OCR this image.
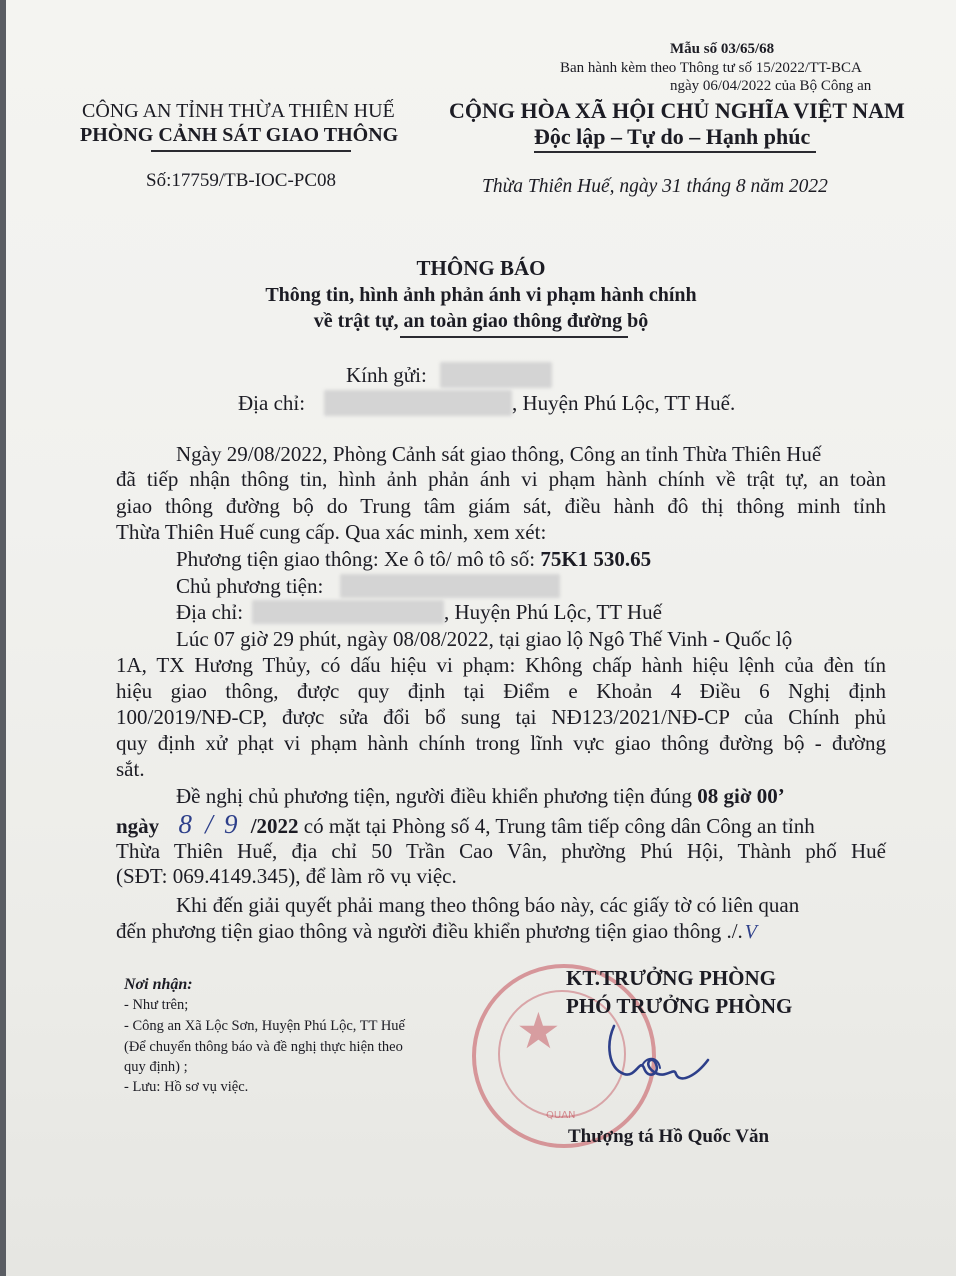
Mẫu số 03/65/68
Ban hành kèm theo Thông tư số 15/2022/TT-BCA
ngày 06/04/2022 của Bộ Công an
CÔNG AN TỈNH THỪA THIÊN HUẾ
PHÒNG CẢNH SÁT GIAO THÔNG
Số:17759/TB-IOC-PC08
CỘNG HÒA XÃ HỘI CHỦ NGHĨA VIỆT NAM
Độc lập – Tự do – Hạnh phúc
Thừa Thiên Huế, ngày 31 tháng 8 năm 2022
THÔNG BÁO
Thông tin, hình ảnh phản ánh vi phạm hành chính
về trật tự, an toàn giao thông đường bộ
Kính gửi:
Địa chỉ:	, Huyện Phú Lộc, TT Huế.
Ngày 29/08/2022, Phòng Cảnh sát giao thông, Công an tỉnh Thừa Thiên Huế
đã tiếp nhận thông tin, hình ảnh phản ánh vi phạm hành chính về trật tự, an toàn
giao thông đường bộ do Trung tâm giám sát, điều hành đô thị thông minh tỉnh
Thừa Thiên Huế cung cấp. Qua xác minh, xem xét:
Phương tiện giao thông: Xe ô tô/ mô tô số: 75K1 530.65
Chủ phương tiện:
Địa chỉ:	, Huyện Phú Lộc, TT Huế
Lúc 07 giờ 29 phút, ngày 08/08/2022, tại giao lộ Ngô Thế Vinh - Quốc lộ
1A, TX Hương Thủy, có dấu hiệu vi phạm: Không chấp hành hiệu lệnh của đèn tín
hiệu giao thông, được quy định tại Điểm e Khoản 4 Điều 6 Nghị định
100/2019/NĐ-CP, được sửa đổi bổ sung tại NĐ123/2021/NĐ-CP của Chính phủ
quy định xử phạt vi phạm hành chính trong lĩnh vực giao thông đường bộ - đường
sắt.
Đề nghị chủ phương tiện, người điều khiển phương tiện đúng 08 giờ 00’
ngày 8 / 9 /2022 có mặt tại Phòng số 4, Trung tâm tiếp công dân Công an tỉnh
Thừa Thiên Huế, địa chỉ 50 Trần Cao Vân, phường Phú Hội, Thành phố Huế
(SĐT: 069.4149.345), để làm rõ vụ việc.
Khi đến giải quyết phải mang theo thông báo này, các giấy tờ có liên quan
đến phương tiện giao thông và người điều khiển phương tiện giao thông ./. V
Nơi nhận:
- Như trên;
- Công an Xã Lộc Sơn, Huyện Phú Lộc, TT Huế
(Để chuyển thông báo và đề nghị thực hiện theo
quy định) ;
- Lưu: Hồ sơ vụ việc.
★
QUAN
KT.TRƯỞNG PHÒNG
PHÓ TRƯỞNG PHÒNG
Thượng tá Hồ Quốc Văn
